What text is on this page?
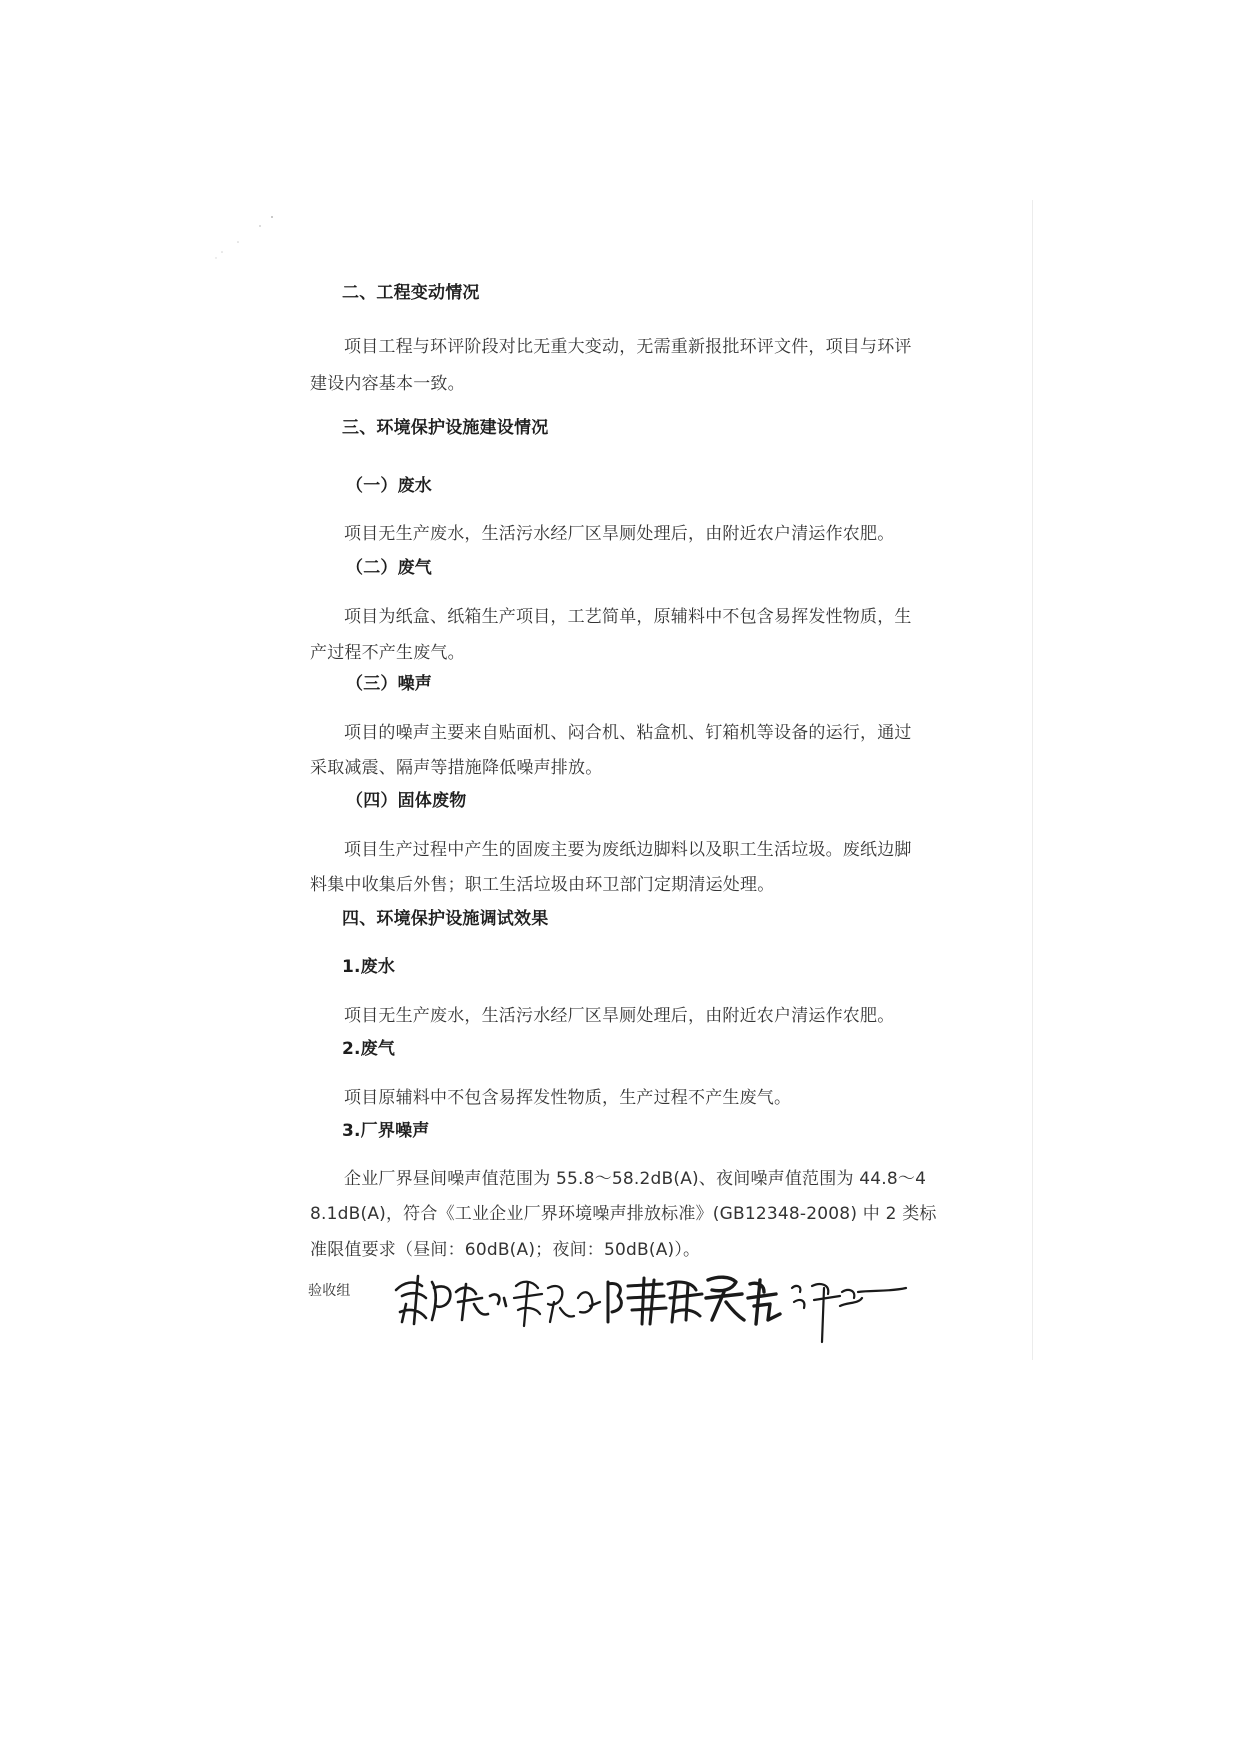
二、工程变动情况

项目工程与环评阶段对比无重大变动，无需重新报批环评文件，项目与环评

建设内容基本一致。

三、环境保护设施建设情况

（一）废水

项目无生产废水，生活污水经厂区旱厕处理后，由附近农户清运作农肥。

（二）废气

项目为纸盒、纸箱生产项目，工艺简单，原辅料中不包含易挥发性物质，生

产过程不产生废气。

（三）噪声

项目的噪声主要来自贴面机、闷合机、粘盒机、钉箱机等设备的运行，通过

采取减震、隔声等措施降低噪声排放。

（四）固体废物

项目生产过程中产生的固废主要为废纸边脚料以及职工生活垃圾。废纸边脚

料集中收集后外售；职工生活垃圾由环卫部门定期清运处理。

四、环境保护设施调试效果

1.废水

项目无生产废水，生活污水经厂区旱厕处理后，由附近农户清运作农肥。

2.废气

项目原辅料中不包含易挥发性物质，生产过程不产生废气。

3.厂界噪声

企业厂界昼间噪声值范围为 55.8～58.2dB(A)、夜间噪声值范围为 44.8～4

8.1dB(A)，符合《工业企业厂界环境噪声排放标准》(GB12348-2008) 中 2 类标

准限值要求（昼间：60dB(A)；夜间：50dB(A)）。

验收组
